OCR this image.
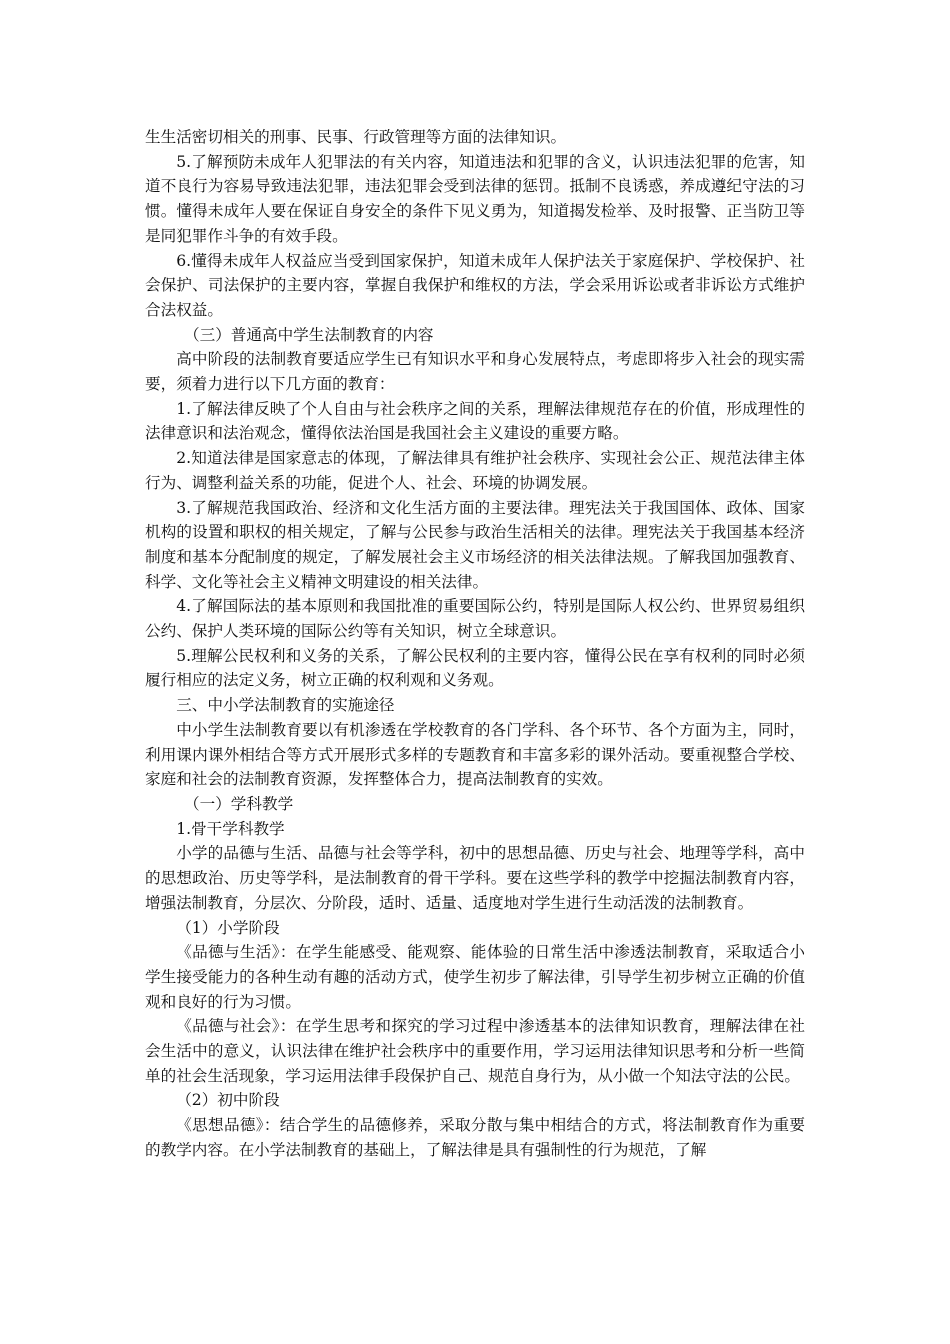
生生活密切相关的刑事、民事、行政管理等方面的法律知识。

5.了解预防未成年人犯罪法的有关内容，知道违法和犯罪的含义，认识违法犯罪的危害，知道不良行为容易导致违法犯罪，违法犯罪会受到法律的惩罚。抵制不良诱惑，养成遵纪守法的习惯。懂得未成年人要在保证自身安全的条件下见义勇为，知道揭发检举、及时报警、正当防卫等是同犯罪作斗争的有效手段。

6.懂得未成年人权益应当受到国家保护，知道未成年人保护法关于家庭保护、学校保护、社会保护、司法保护的主要内容，掌握自我保护和维权的方法，学会采用诉讼或者非诉讼方式维护合法权益。

（三）普通高中学生法制教育的内容

高中阶段的法制教育要适应学生已有知识水平和身心发展特点，考虑即将步入社会的现实需要，须着力进行以下几方面的教育：

1.了解法律反映了个人自由与社会秩序之间的关系，理解法律规范存在的价值，形成理性的法律意识和法治观念，懂得依法治国是我国社会主义建设的重要方略。

2.知道法律是国家意志的体现，了解法律具有维护社会秩序、实现社会公正、规范法律主体行为、调整利益关系的功能，促进个人、社会、环境的协调发展。

3.了解规范我国政治、经济和文化生活方面的主要法律。理宪法关于我国国体、政体、国家机构的设置和职权的相关规定，了解与公民参与政治生活相关的法律。理宪法关于我国基本经济制度和基本分配制度的规定，了解发展社会主义市场经济的相关法律法规。了解我国加强教育、科学、文化等社会主义精神文明建设的相关法律。

4.了解国际法的基本原则和我国批准的重要国际公约，特别是国际人权公约、世界贸易组织公约、保护人类环境的国际公约等有关知识，树立全球意识。

5.理解公民权利和义务的关系，了解公民权利的主要内容，懂得公民在享有权利的同时必须履行相应的法定义务，树立正确的权利观和义务观。

三、中小学法制教育的实施途径

中小学生法制教育要以有机渗透在学校教育的各门学科、各个环节、各个方面为主，同时，利用课内课外相结合等方式开展形式多样的专题教育和丰富多彩的课外活动。要重视整合学校、家庭和社会的法制教育资源，发挥整体合力，提高法制教育的实效。

（一）学科教学

1.骨干学科教学

小学的品德与生活、品德与社会等学科，初中的思想品德、历史与社会、地理等学科，高中的思想政治、历史等学科，是法制教育的骨干学科。要在这些学科的教学中挖掘法制教育内容，增强法制教育，分层次、分阶段，适时、适量、适度地对学生进行生动活泼的法制教育。

（1）小学阶段

《品德与生活》：在学生能感受、能观察、能体验的日常生活中渗透法制教育，采取适合小学生接受能力的各种生动有趣的活动方式，使学生初步了解法律，引导学生初步树立正确的价值观和良好的行为习惯。

《品德与社会》：在学生思考和探究的学习过程中渗透基本的法律知识教育，理解法律在社会生活中的意义，认识法律在维护社会秩序中的重要作用，学习运用法律知识思考和分析一些简单的社会生活现象，学习运用法律手段保护自己、规范自身行为，从小做一个知法守法的公民。

（2）初中阶段

《思想品德》：结合学生的品德修养，采取分散与集中相结合的方式，将法制教育作为重要的教学内容。在小学法制教育的基础上，了解法律是具有强制性的行为规范，了解
